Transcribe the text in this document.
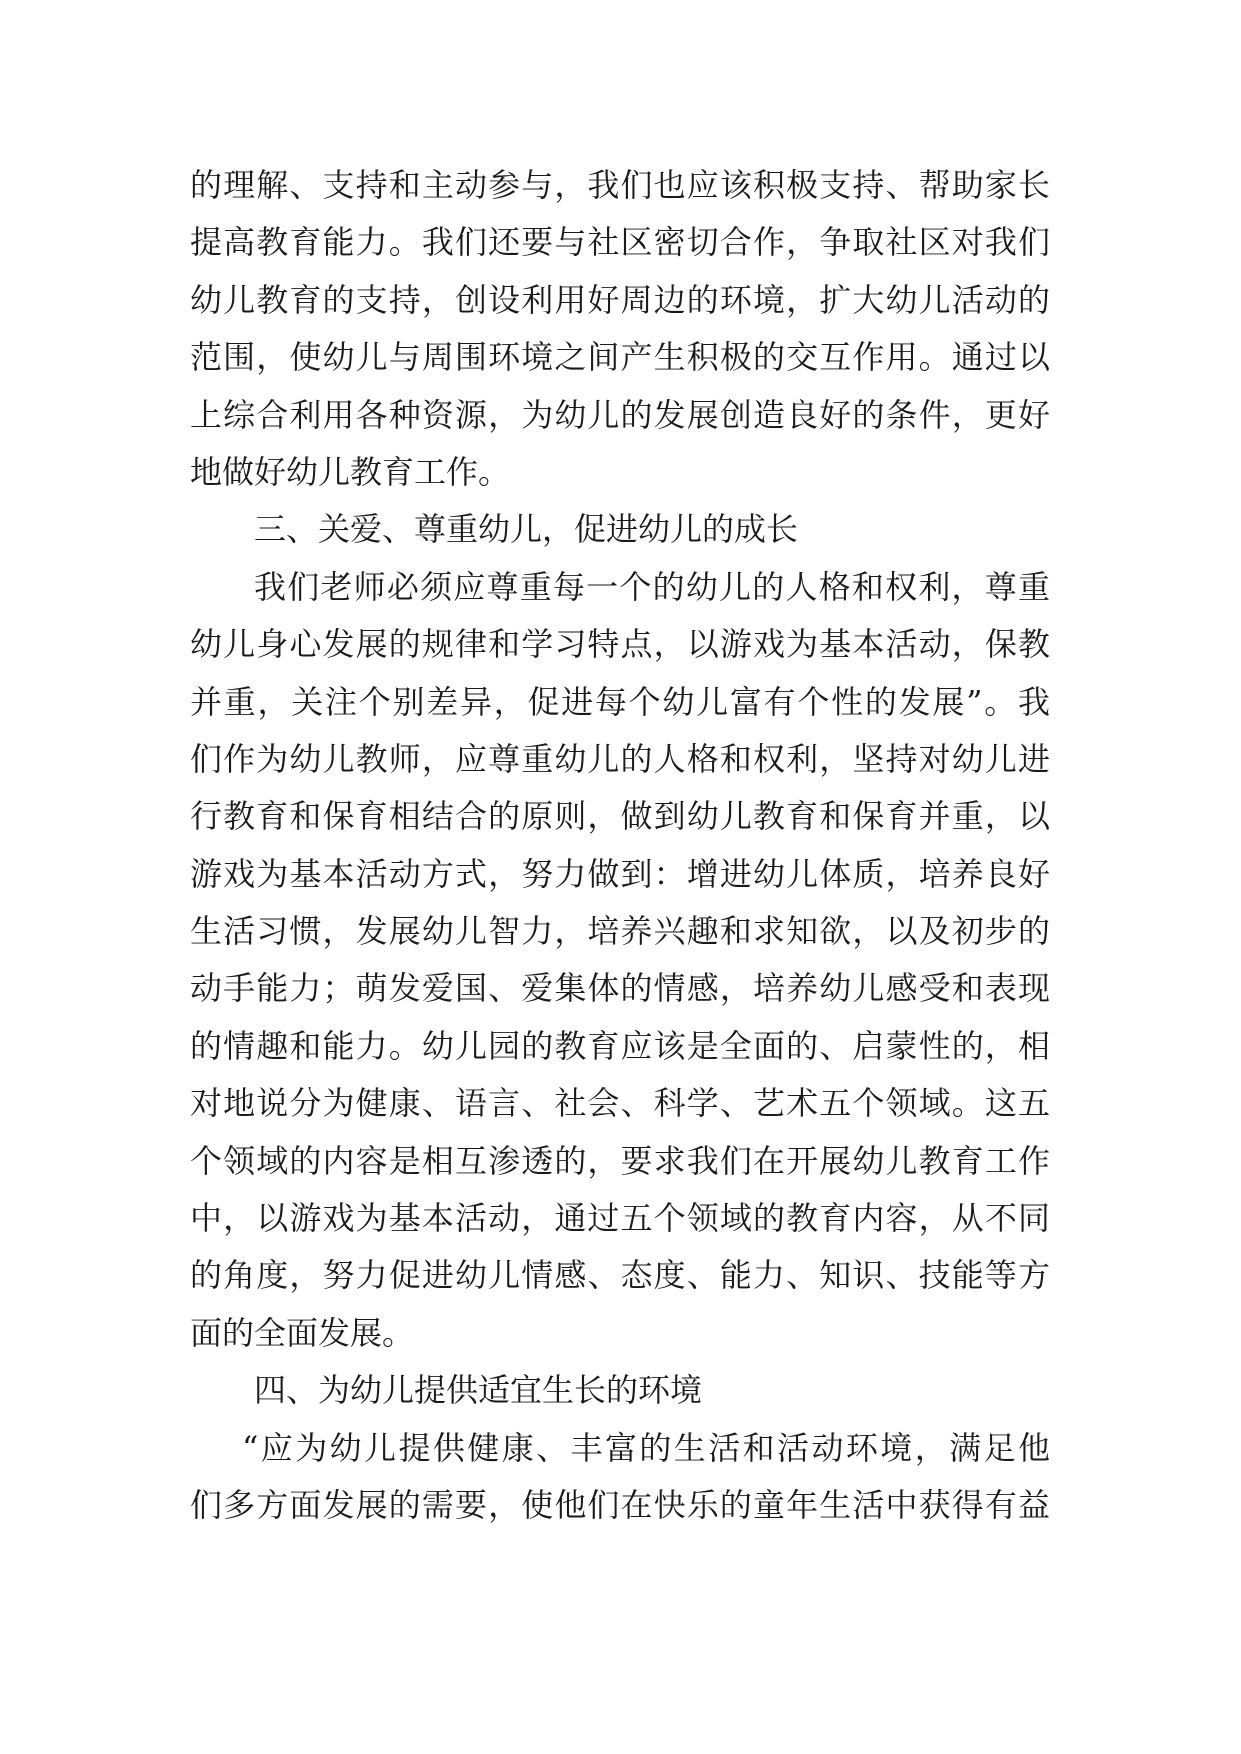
的理解、支持和主动参与，我们也应该积极支持、帮助家长
提高教育能力。我们还要与社区密切合作，争取社区对我们
幼儿教育的支持，创设利用好周边的环境，扩大幼儿活动的
范围，使幼儿与周围环境之间产生积极的交互作用。通过以
上综合利用各种资源，为幼儿的发展创造良好的条件，更好
地做好幼儿教育工作。
三、关爱、尊重幼儿，促进幼儿的成长
我们老师必须应尊重每一个的幼儿的人格和权利，尊重
幼儿身心发展的规律和学习特点，以游戏为基本活动，保教
并重，关注个别差异，促进每个幼儿富有个性的发展”。我
们作为幼儿教师，应尊重幼儿的人格和权利，坚持对幼儿进
行教育和保育相结合的原则，做到幼儿教育和保育并重，以
游戏为基本活动方式，努力做到：增进幼儿体质，培养良好
生活习惯，发展幼儿智力，培养兴趣和求知欲，以及初步的
动手能力；萌发爱国、爱集体的情感，培养幼儿感受和表现
的情趣和能力。幼儿园的教育应该是全面的、启蒙性的，相
对地说分为健康、语言、社会、科学、艺术五个领域。这五
个领域的内容是相互渗透的，要求我们在开展幼儿教育工作
中，以游戏为基本活动，通过五个领域的教育内容，从不同
的角度，努力促进幼儿情感、态度、能力、知识、技能等方
面的全面发展。
四、为幼儿提供适宜生长的环境
“应为幼儿提供健康、丰富的生活和活动环境，满足他
们多方面发展的需要，使他们在快乐的童年生活中获得有益
